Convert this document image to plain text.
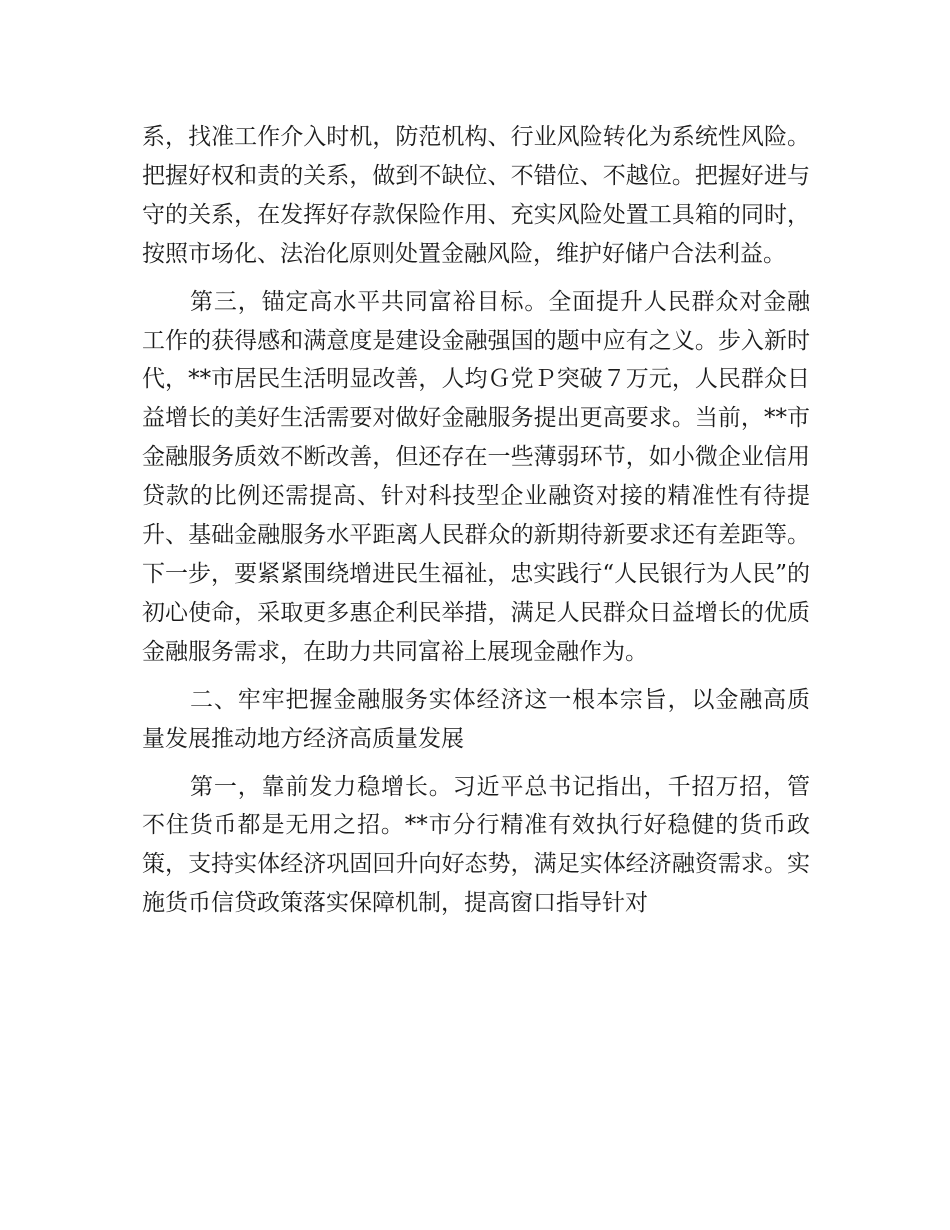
系，找准工作介入时机，防范机构、行业风险转化为系统性风险。把握好权和责的关系，做到不缺位、不错位、不越位。把握好进与守的关系，在发挥好存款保险作用、充实风险处置工具箱的同时，按照市场化、法治化原则处置金融风险，维护好储户合法利益。

第三，锚定高水平共同富裕目标。全面提升人民群众对金融工作的获得感和满意度是建设金融强国的题中应有之义。步入新时代，**市居民生活明显改善，人均Ｇ党Ｐ突破７万元，人民群众日益增长的美好生活需要对做好金融服务提出更高要求。当前，**市金融服务质效不断改善，但还存在一些薄弱环节，如小微企业信用贷款的比例还需提高、针对科技型企业融资对接的精准性有待提升、基础金融服务水平距离人民群众的新期待新要求还有差距等。下一步，要紧紧围绕增进民生福祉，忠实践行“人民银行为人民”的初心使命，采取更多惠企利民举措，满足人民群众日益增长的优质金融服务需求，在助力共同富裕上展现金融作为。

二、牢牢把握金融服务实体经济这一根本宗旨，以金融高质量发展推动地方经济高质量发展

第一，靠前发力稳增长。习近平总书记指出，千招万招，管不住货币都是无用之招。**市分行精准有效执行好稳健的货币政策，支持实体经济巩固回升向好态势，满足实体经济融资需求。实施货币信贷政策落实保障机制，提高窗口指导针对
